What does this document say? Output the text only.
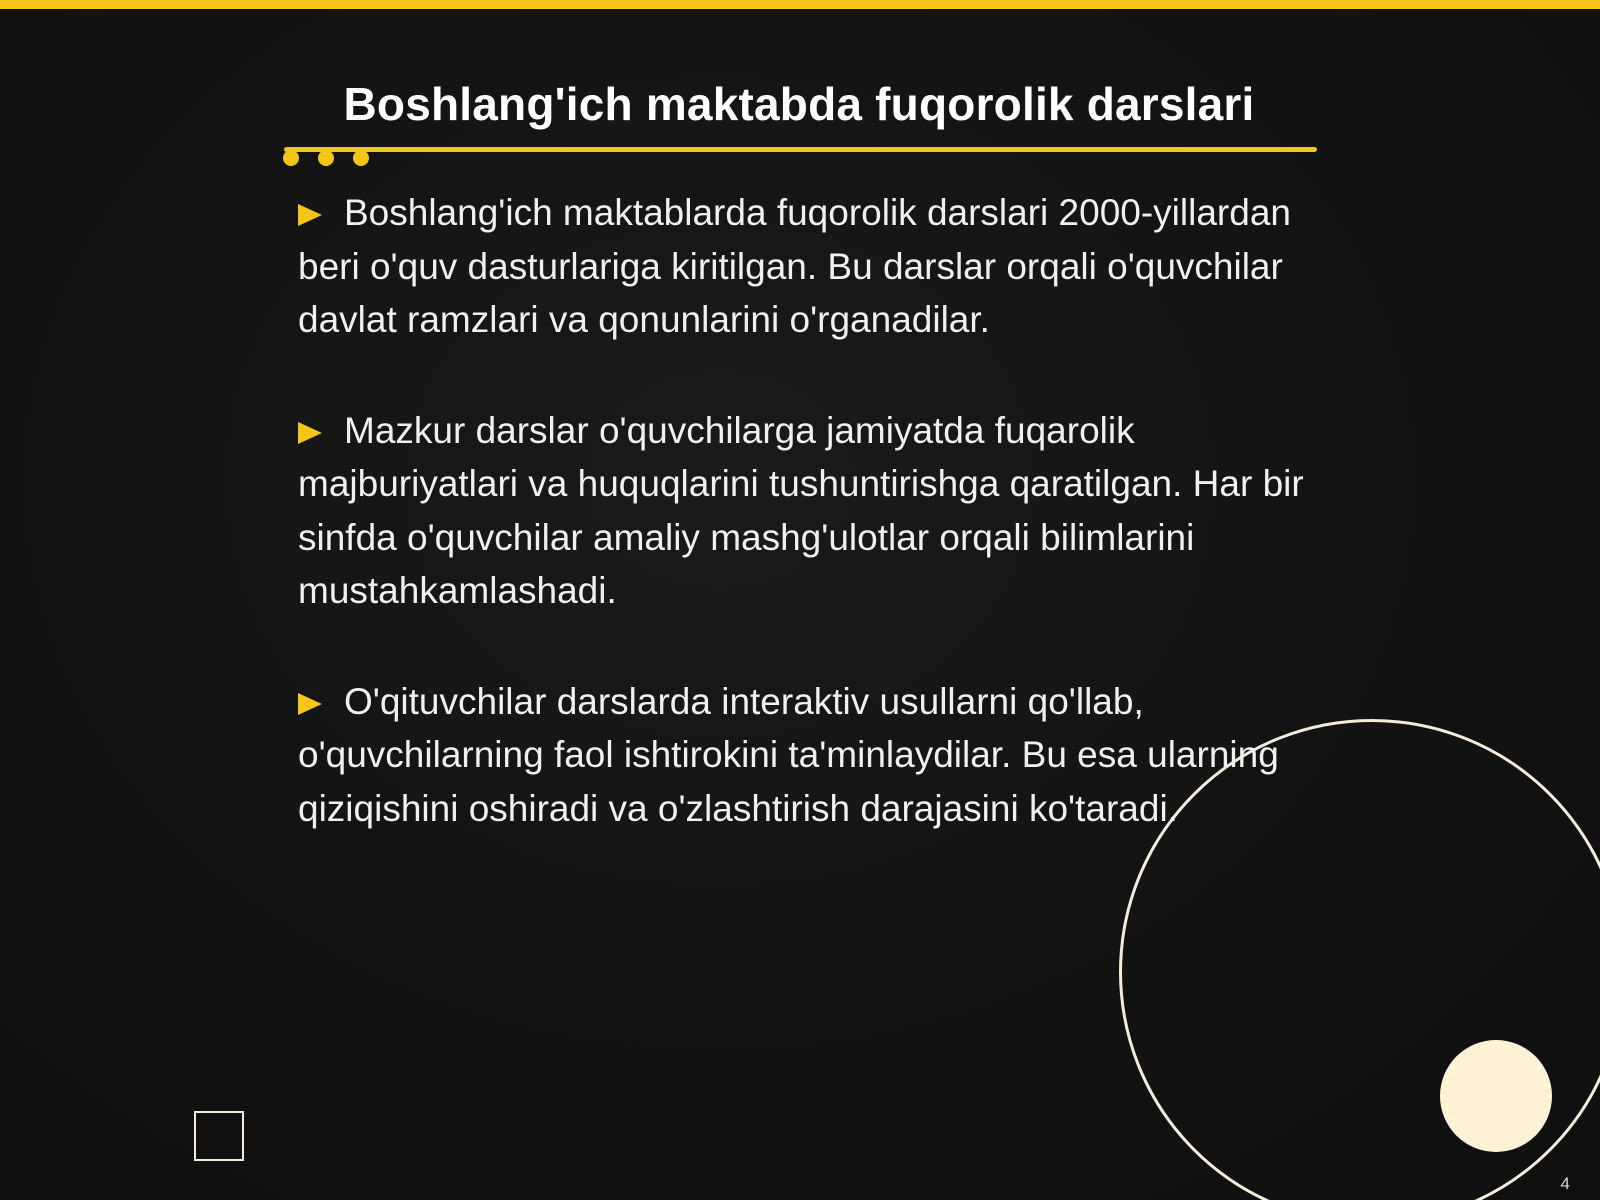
Boshlang'ich maktabda fuqorolik darslari

Boshlang'ich maktablarda fuqorolik darslari 2000-yillardan beri o'quv dasturlariga kiritilgan. Bu darslar orqali o'quvchilar davlat ramzlari va qonunlarini o'rganadilar.

Mazkur darslar o'quvchilarga jamiyatda fuqarolik majburiyatlari va huquqlarini tushuntirishga qaratilgan. Har bir sinfda o'quvchilar amaliy mashg'ulotlar orqali bilimlarini mustahkamlashadi.

O'qituvchilar darslarda interaktiv usullarni qo'llab, o'quvchilarning faol ishtirokini ta'minlaydilar. Bu esa ularning qiziqishini oshiradi va o'zlashtirish darajasini ko'taradi.

4
